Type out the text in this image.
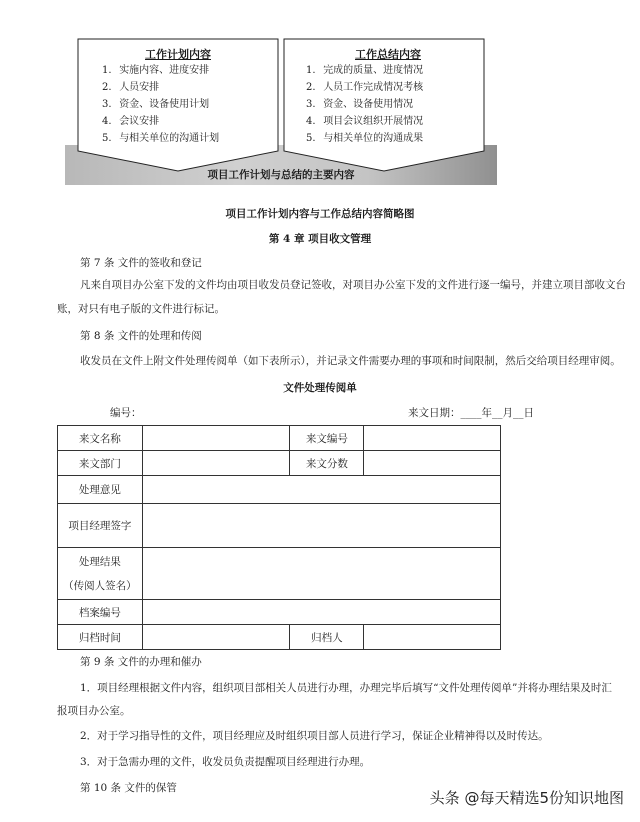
工作计划内容
1. 实施内容、进度安排
2. 人员安排
3. 资金、设备使用计划
4. 会议安排
5. 与相关单位的沟通计划
工作总结内容
1. 完成的质量、进度情况
2. 人员工作完成情况考核
3. 资金、设备使用情况
4. 项目会议组织开展情况
5. 与相关单位的沟通成果
项目工作计划与总结的主要内容
项目工作计划内容与工作总结内容简略图
第 4 章 项目收文管理
第 7 条 文件的签收和登记
凡来自项目办公室下发的文件均由项目收发员登记签收，对项目办公室下发的文件进行逐一编号，并建立项目部收文台
账，对只有电子版的文件进行标记。
第 8 条 文件的处理和传阅
收发员在文件上附文件处理传阅单（如下表所示），并记录文件需要办理的事项和时间限制，然后交给项目经理审阅。
文件处理传阅单
编号：	来文日期：____年__月__日
来文名称		来文编号	
来文部门		来文分数	
处理意见			
项目经理签字			

处理结果
（传阅人签名）			

档案编号			
归档时间		归档人	
第 9 条 文件的办理和催办
1．项目经理根据文件内容，组织项目部相关人员进行办理，办理完毕后填写“文件处理传阅单”并将办理结果及时汇
报项目办公室。
2．对于学习指导性的文件，项目经理应及时组织项目部人员进行学习，保证企业精神得以及时传达。
3．对于急需办理的文件，收发员负责提醒项目经理进行办理。
第 10 条 文件的保管
头条 @每天精选5份知识地图
